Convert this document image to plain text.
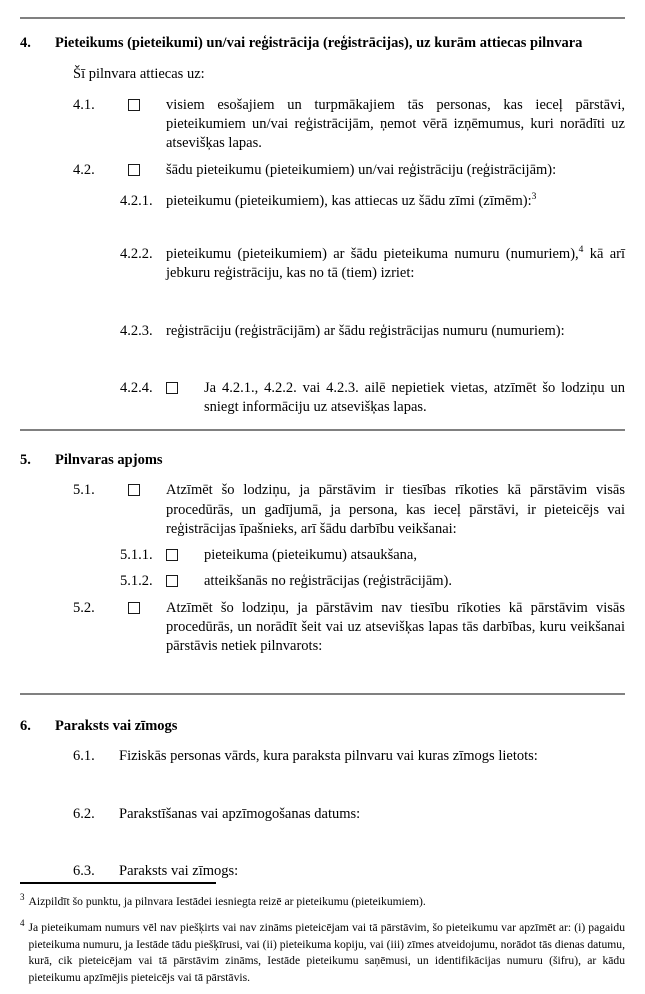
4.	Pieteikums (pieteikumi) un/vai reģistrācija (reģistrācijas), uz kurām attiecas pilnvara
Šī pilnvara attiecas uz:
4.1.	visiem esošajiem un turpmākajiem tās personas, kas ieceļ pārstāvi, pieteikumiem un/vai reģistrācijām, ņemot vērā izņēmumus, kuri norādīti uz atsevišķas lapas.
4.2.	šādu pieteikumu (pieteikumiem) un/vai reģistrāciju (reģistrācijām):
4.2.1. pieteikumu (pieteikumiem), kas attiecas uz šādu zīmi (zīmēm):$^3$
4.2.2. pieteikumu (pieteikumiem) ar šādu pieteikuma numuru (numuriem),$^4$ kā arī jebkuru reģistrāciju, kas no tā (tiem) izriet:
4.2.3. reģistrāciju (reģistrācijām) ar šādu reģistrācijas numuru (numuriem):
4.2.4.	Ja 4.2.1., 4.2.2. vai 4.2.3. ailē nepietiek vietas, atzīmēt šo lodziņu un sniegt informāciju uz atsevišķas lapas.
5.	Pilnvaras apjoms
5.1.	Atzīmēt šo lodziņu, ja pārstāvim ir tiesības rīkoties kā pārstāvim visās procedūrās, un gadījumā, ja persona, kas ieceļ pārstāvi, ir pieteicējs vai reģistrācijas īpašnieks, arī šādu darbību veikšanai:
5.1.1.	pieteikuma (pieteikumu) atsaukšana,
5.1.2.	atteikšanās no reģistrācijas (reģistrācijām).
5.2.	Atzīmēt šo lodziņu, ja pārstāvim nav tiesību rīkoties kā pārstāvim visās procedūrās, un norādīt šeit vai uz atsevišķas lapas tās darbības, kuru veikšanai pārstāvis netiek pilnvarots:
6.	Paraksts vai zīmogs
6.1.	Fiziskās personas vārds, kura paraksta pilnvaru vai kuras zīmogs lietots:
6.2.	Parakstīšanas vai apzīmogošanas datums:
6.3.	Paraksts vai zīmogs:
3 Aizpildīt šo punktu, ja pilnvara Iestādei iesniegta reizē ar pieteikumu (pieteikumiem).
4 Ja pieteikumam numurs vēl nav piešķirts vai nav zināms pieteicējam vai tā pārstāvim, šo pieteikumu var apzīmēt ar: (i) pagaidu pieteikuma numuru, ja Iestāde tādu piešķīrusi, vai (ii) pieteikuma kopiju, vai (iii) zīmes atveidojumu, norādot tās dienas datumu, kurā, cik pieteicējam vai tā pārstāvim zināms, Iestāde pieteikumu saņēmusi, un identifikācijas numuru (šifru), ar kādu pieteikumu apzīmējis pieteicējs vai tā pārstāvis.
